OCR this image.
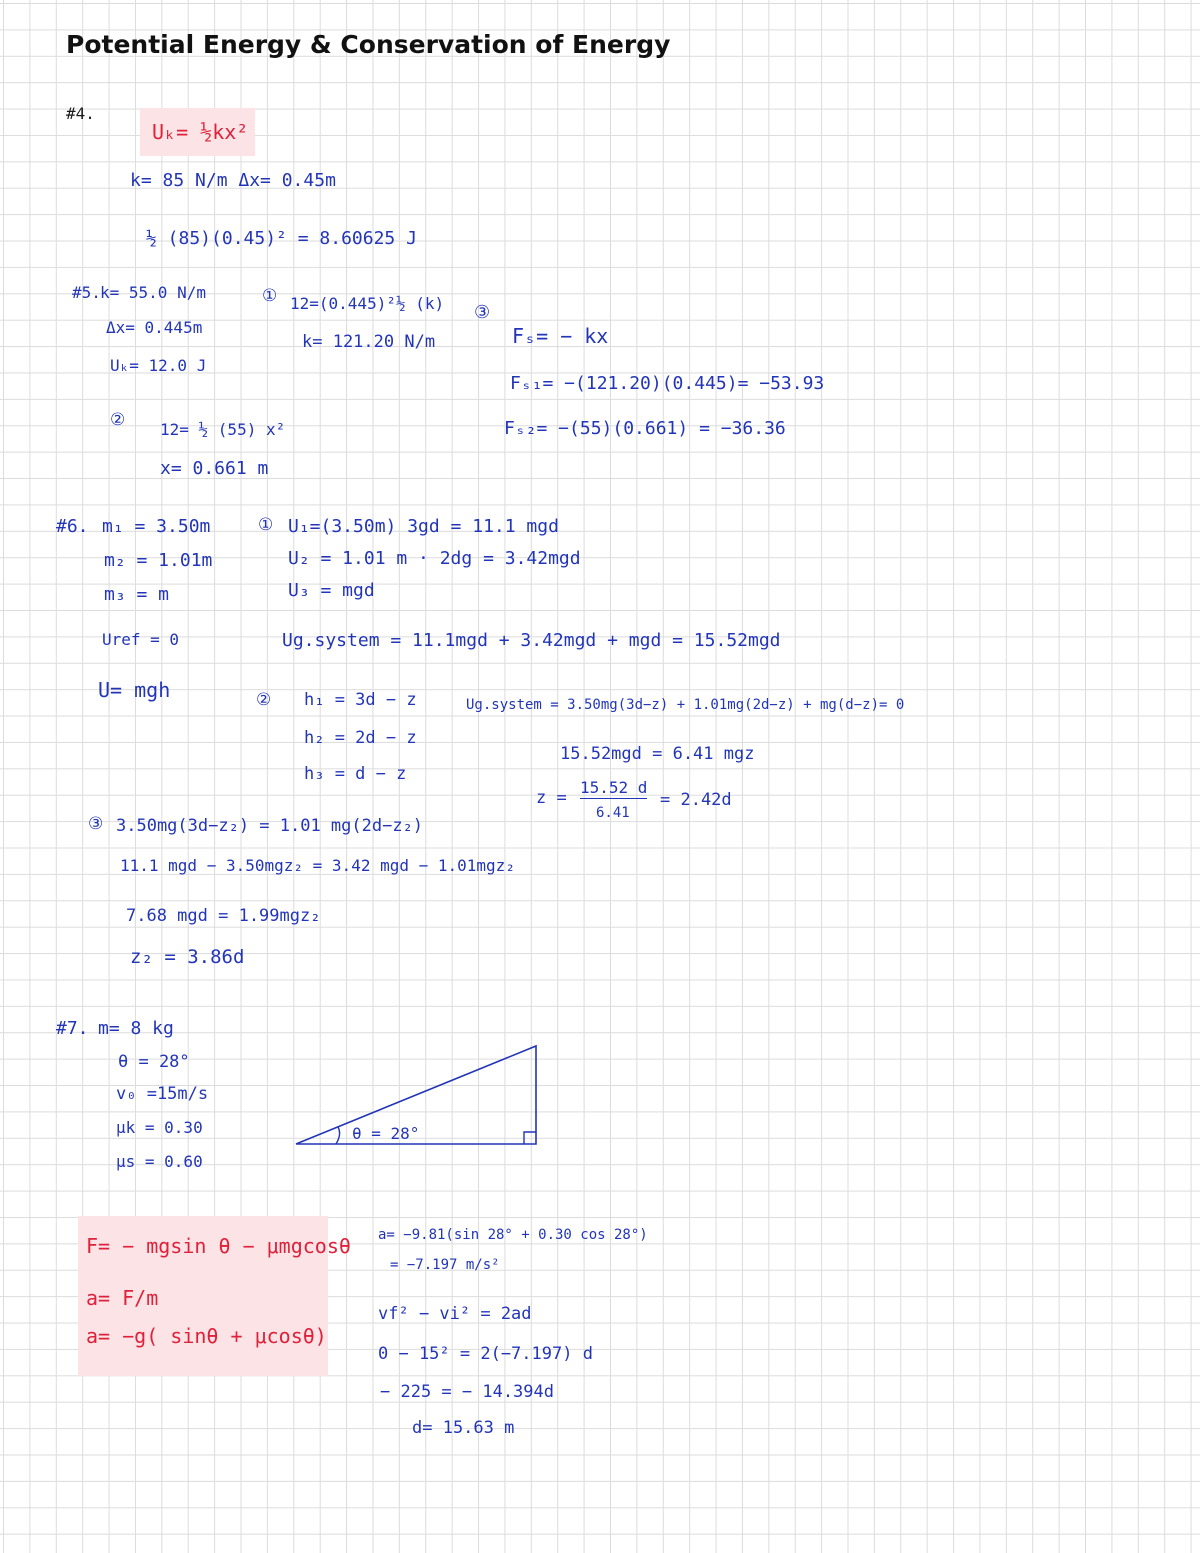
Potential Energy & Conservation of Energy
#4.
Uₖ= ½kx²
k= 85 N/m Δx= 0.45m
½ (85)(0.45)² = 8.60625 J
#5. k= 55.0 N/m
Δx= 0.445m
Uₖ= 12.0 J
① 12=(0.445)²½ (k)
k= 121.20 N/m
② 12= ½ (55) x²
x= 0.661 m
③
Fₛ= − kx
Fₛ₁= −(121.20)(0.445)= −53.93
Fₛ₂= −(55)(0.661) = −36.36
#6. m₁ = 3.50m
m₂ = 1.01m
m₃ = m
Uref = 0
U= mgh
① U₁=(3.50m) 3gd = 11.1 mgd
U₂ = 1.01 m · 2dg = 3.42mgd
U₃ = mgd
Ug.system = 11.1mgd + 3.42mgd + mgd = 15.52mgd
② h₁ = 3d − z
h₂ = 2d − z
h₃ = d − z
Ug.system = 3.50mg(3d−z) + 1.01mg(2d−z) + mg(d−z)= 0
15.52mgd = 6.41 mgz
z =
15.52 d
6.41
= 2.42d
③ 3.50mg(3d−z₂) = 1.01 mg(2d−z₂)
11.1 mgd − 3.50mgz₂ = 3.42 mgd − 1.01mgz₂
7.68 mgd = 1.99mgz₂
z₂ = 3.86d
#7. m= 8 kg
θ = 28°
v₀ =15m/s
μk = 0.30
μs = 0.60
θ = 28°
F= − mgsin θ − μmgcosθ
a= F/m
a= −g( sinθ + μcosθ)
a= −9.81(sin 28° + 0.30 cos 28°)
= −7.197 m/s²
vf² − vi² = 2ad
0 − 15² = 2(−7.197) d
− 225 = − 14.394d
d= 15.63 m
